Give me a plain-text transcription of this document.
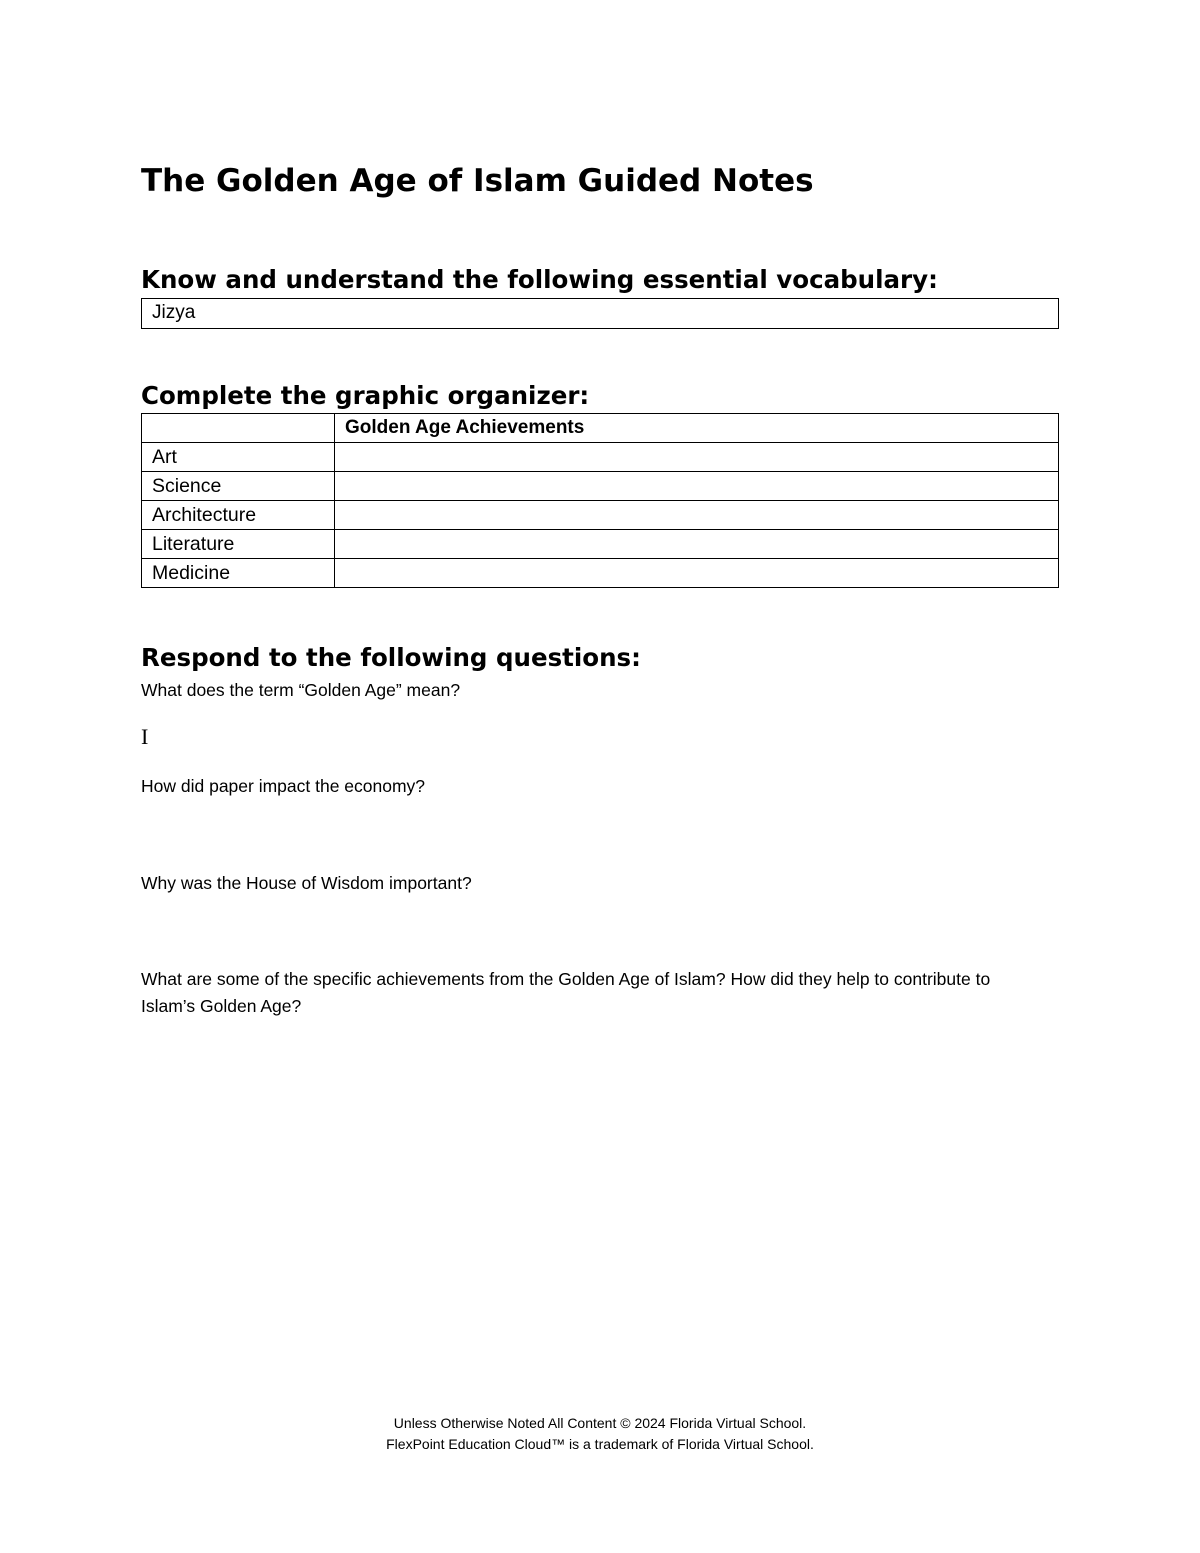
The Golden Age of Islam Guided Notes
Know and understand the following essential vocabulary:
Jizya
Complete the graphic organizer:
	Golden Age Achievements
Art	
Science	
Architecture	
Literature	
Medicine	
Respond to the following questions:
What does the term “Golden Age” mean?
I
How did paper impact the economy?
Why was the House of Wisdom important?
What are some of the specific achievements from the Golden Age of Islam? How did they help to contribute to Islam’s Golden Age?
Unless Otherwise Noted All Content © 2024 Florida Virtual School.
FlexPoint Education Cloud™ is a trademark of Florida Virtual School.
